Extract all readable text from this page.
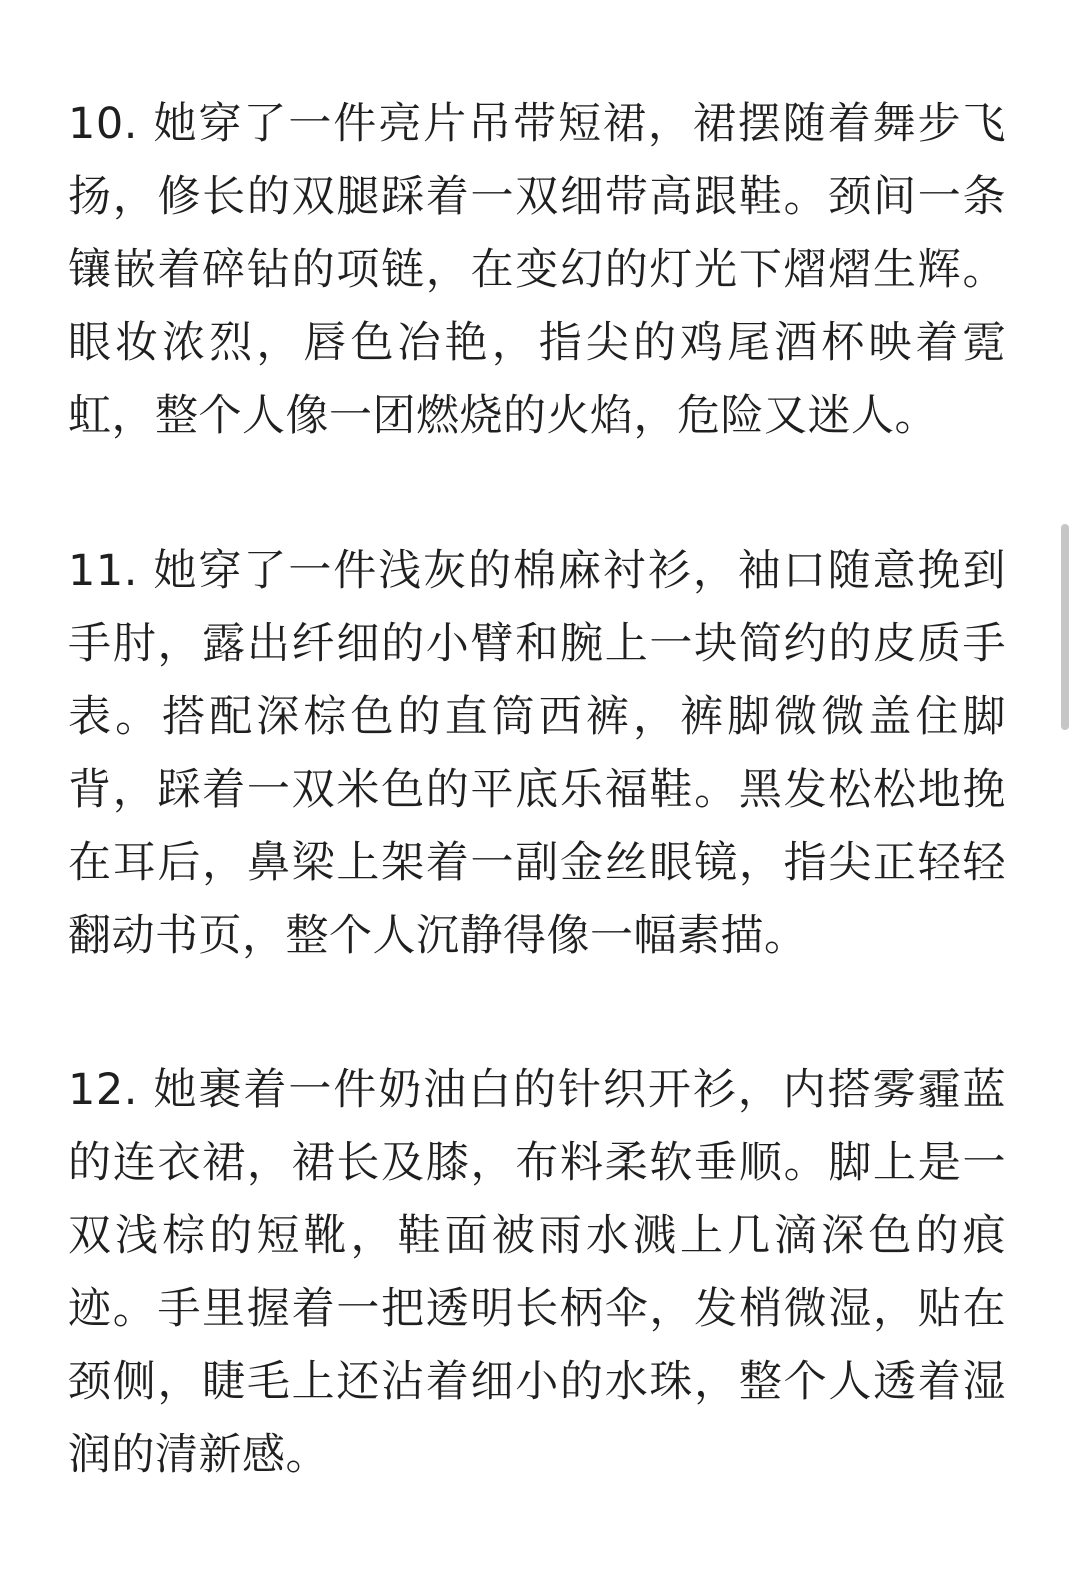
10. 她穿了一件亮片吊带短裙，裙摆随着舞步飞扬，修长的双腿踩着一双细带高跟鞋。颈间一条镶嵌着碎钻的项链，在变幻的灯光下熠熠生辉。眼妆浓烈，唇色冶艳，指尖的鸡尾酒杯映着霓虹，整个人像一团燃烧的火焰，危险又迷人。

11. 她穿了一件浅灰的棉麻衬衫，袖口随意挽到手肘，露出纤细的小臂和腕上一块简约的皮质手表。搭配深棕色的直筒西裤，裤脚微微盖住脚背，踩着一双米色的平底乐福鞋。黑发松松地挽在耳后，鼻梁上架着一副金丝眼镜，指尖正轻轻翻动书页，整个人沉静得像一幅素描。

12. 她裹着一件奶油白的针织开衫，内搭雾霾蓝的连衣裙，裙长及膝，布料柔软垂顺。脚上是一双浅棕的短靴，鞋面被雨水溅上几滴深色的痕迹。手里握着一把透明长柄伞，发梢微湿，贴在颈侧，睫毛上还沾着细小的水珠，整个人透着湿润的清新感。
